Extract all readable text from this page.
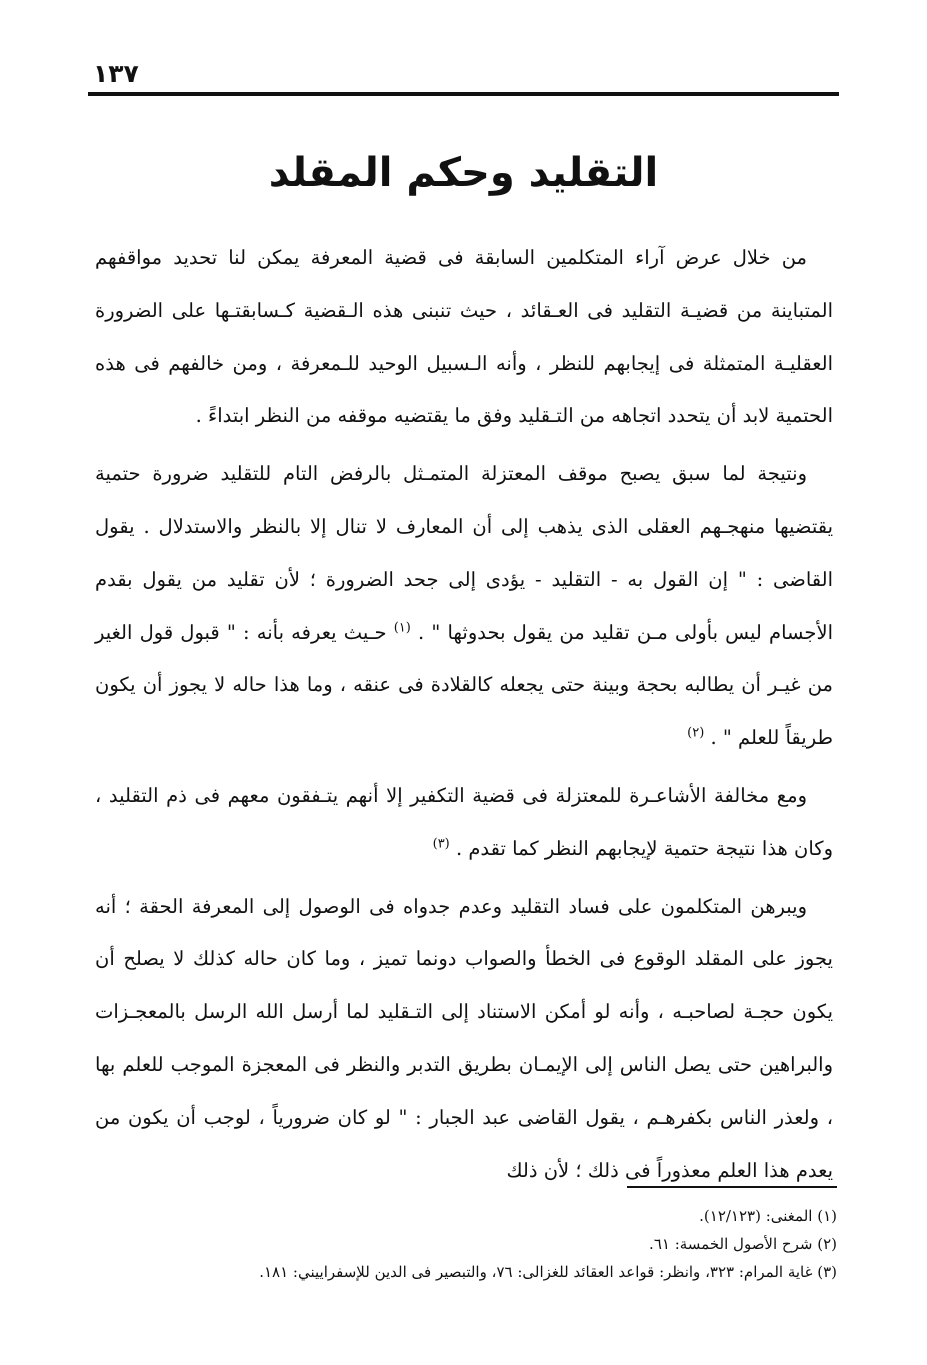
١٣٧
التقليد وحكم المقلد

من خلال عرض آراء المتكلمين السابقة فى قضية المعرفة يمكن لنا تحديد مواقفهم المتباينة من قضيـة التقليد فى العـقائد ، حيث تنبنى هذه الـقضية كـسابقتـها على الضرورة العقليـة المتمثلة فى إيجابهم للنظر ، وأنه الـسبيل الوحيد للـمعرفة ، ومن خالفهم فى هذه الحتمية لابد أن يتحدد اتجاهه من التـقليد وفق ما يقتضيه موقفه من النظر ابتداءً .

ونتيجة لما سبق يصبح موقف المعتزلة المتمـثل بالرفض التام للتقليد ضرورة حتمية يقتضيها منهجـهم العقلى الذى يذهب إلى أن المعارف لا تنال إلا بالنظر والاستدلال . يقول القاضى : " إن القول به - التقليد - يؤدى إلى جحد الضرورة ؛ لأن تقليد من يقول بقدم الأجسام ليس بأولى مـن تقليد من يقول بحدوثها " . $^{(١)}$ حـيث يعرفه بأنه : " قبول قول الغير من غيـر أن يطالبه بحجة وبينة حتى يجعله كالقلادة فى عنقه ، وما هذا حاله لا يجوز أن يكون طريقاً للعلم " . $^{(٢)}$

ومع مخالفة الأشاعـرة للمعتزلة فى قضية التكفير إلا أنهم يتـفقون معهم فى ذم التقليد ، وكان هذا نتيجة حتمية لإيجابهم النظر كما تقدم . $^{(٣)}$

ويبرهن المتكلمون على فساد التقليد وعدم جدواه فى الوصول إلى المعرفة الحقة ؛ أنه يجوز على المقلد الوقوع فى الخطأ والصواب دونما تميز ، وما كان حاله كذلك لا يصلح أن يكون حجـة لصاحبـه ، وأنه لو أمكن الاستناد إلى التـقليد لما أرسل الله الرسل بالمعجـزات والبراهين حتى يصل الناس إلى الإيمـان بطريق التدبر والنظر فى المعجزة الموجب للعلم بها ، ولعذر الناس بكفرهـم ، يقول القاضى عبد الجبار : " لو كان ضرورياً ، لوجب أن يكون من يعدم هذا العلم معذوراً فى ذلك ؛ لأن ذلك

(١) المغنى: (١٢/١٢٣).

(٢) شرح الأصول الخمسة: ٦١.

(٣) غاية المرام: ٣٢٣، وانظر: قواعد العقائد للغزالى: ٧٦، والتبصير فى الدين للإسفراييني: ١٨١.
